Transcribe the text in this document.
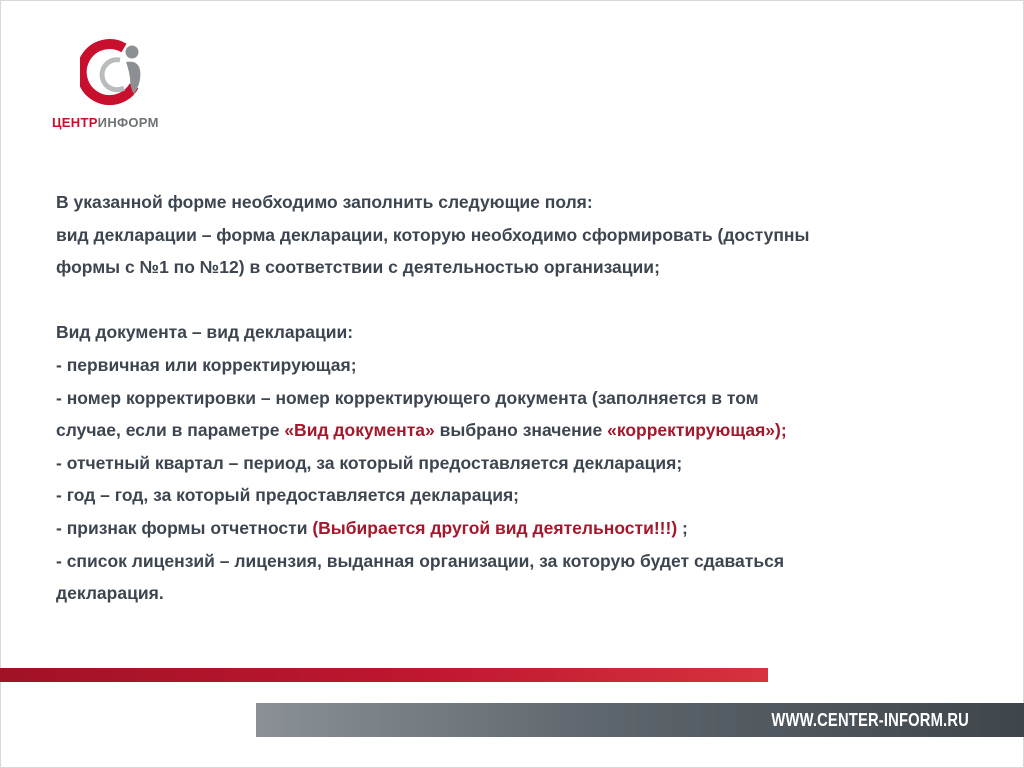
ЦЕНТРИНФОРМ

В указанной форме необходимо заполнить следующие поля:

вид декларации – форма декларации, которую необходимо сформировать (доступны

формы с №1 по №12) в соответствии с деятельностью организации;

Вид документа – вид декларации:

- первичная или корректирующая;

- номер корректировки – номер корректирующего документа (заполняется в том

случае, если в параметре «Вид документа» выбрано значение «корректирующая»);

- отчетный квартал – период, за который предоставляется декларация;

- год – год, за который предоставляется декларация;

- признак формы отчетности (Выбирается другой вид деятельности!!!) ;

- список лицензий – лицензия, выданная организации, за которую будет сдаваться

декларация.

WWW.CENTER-INFORM.RU
